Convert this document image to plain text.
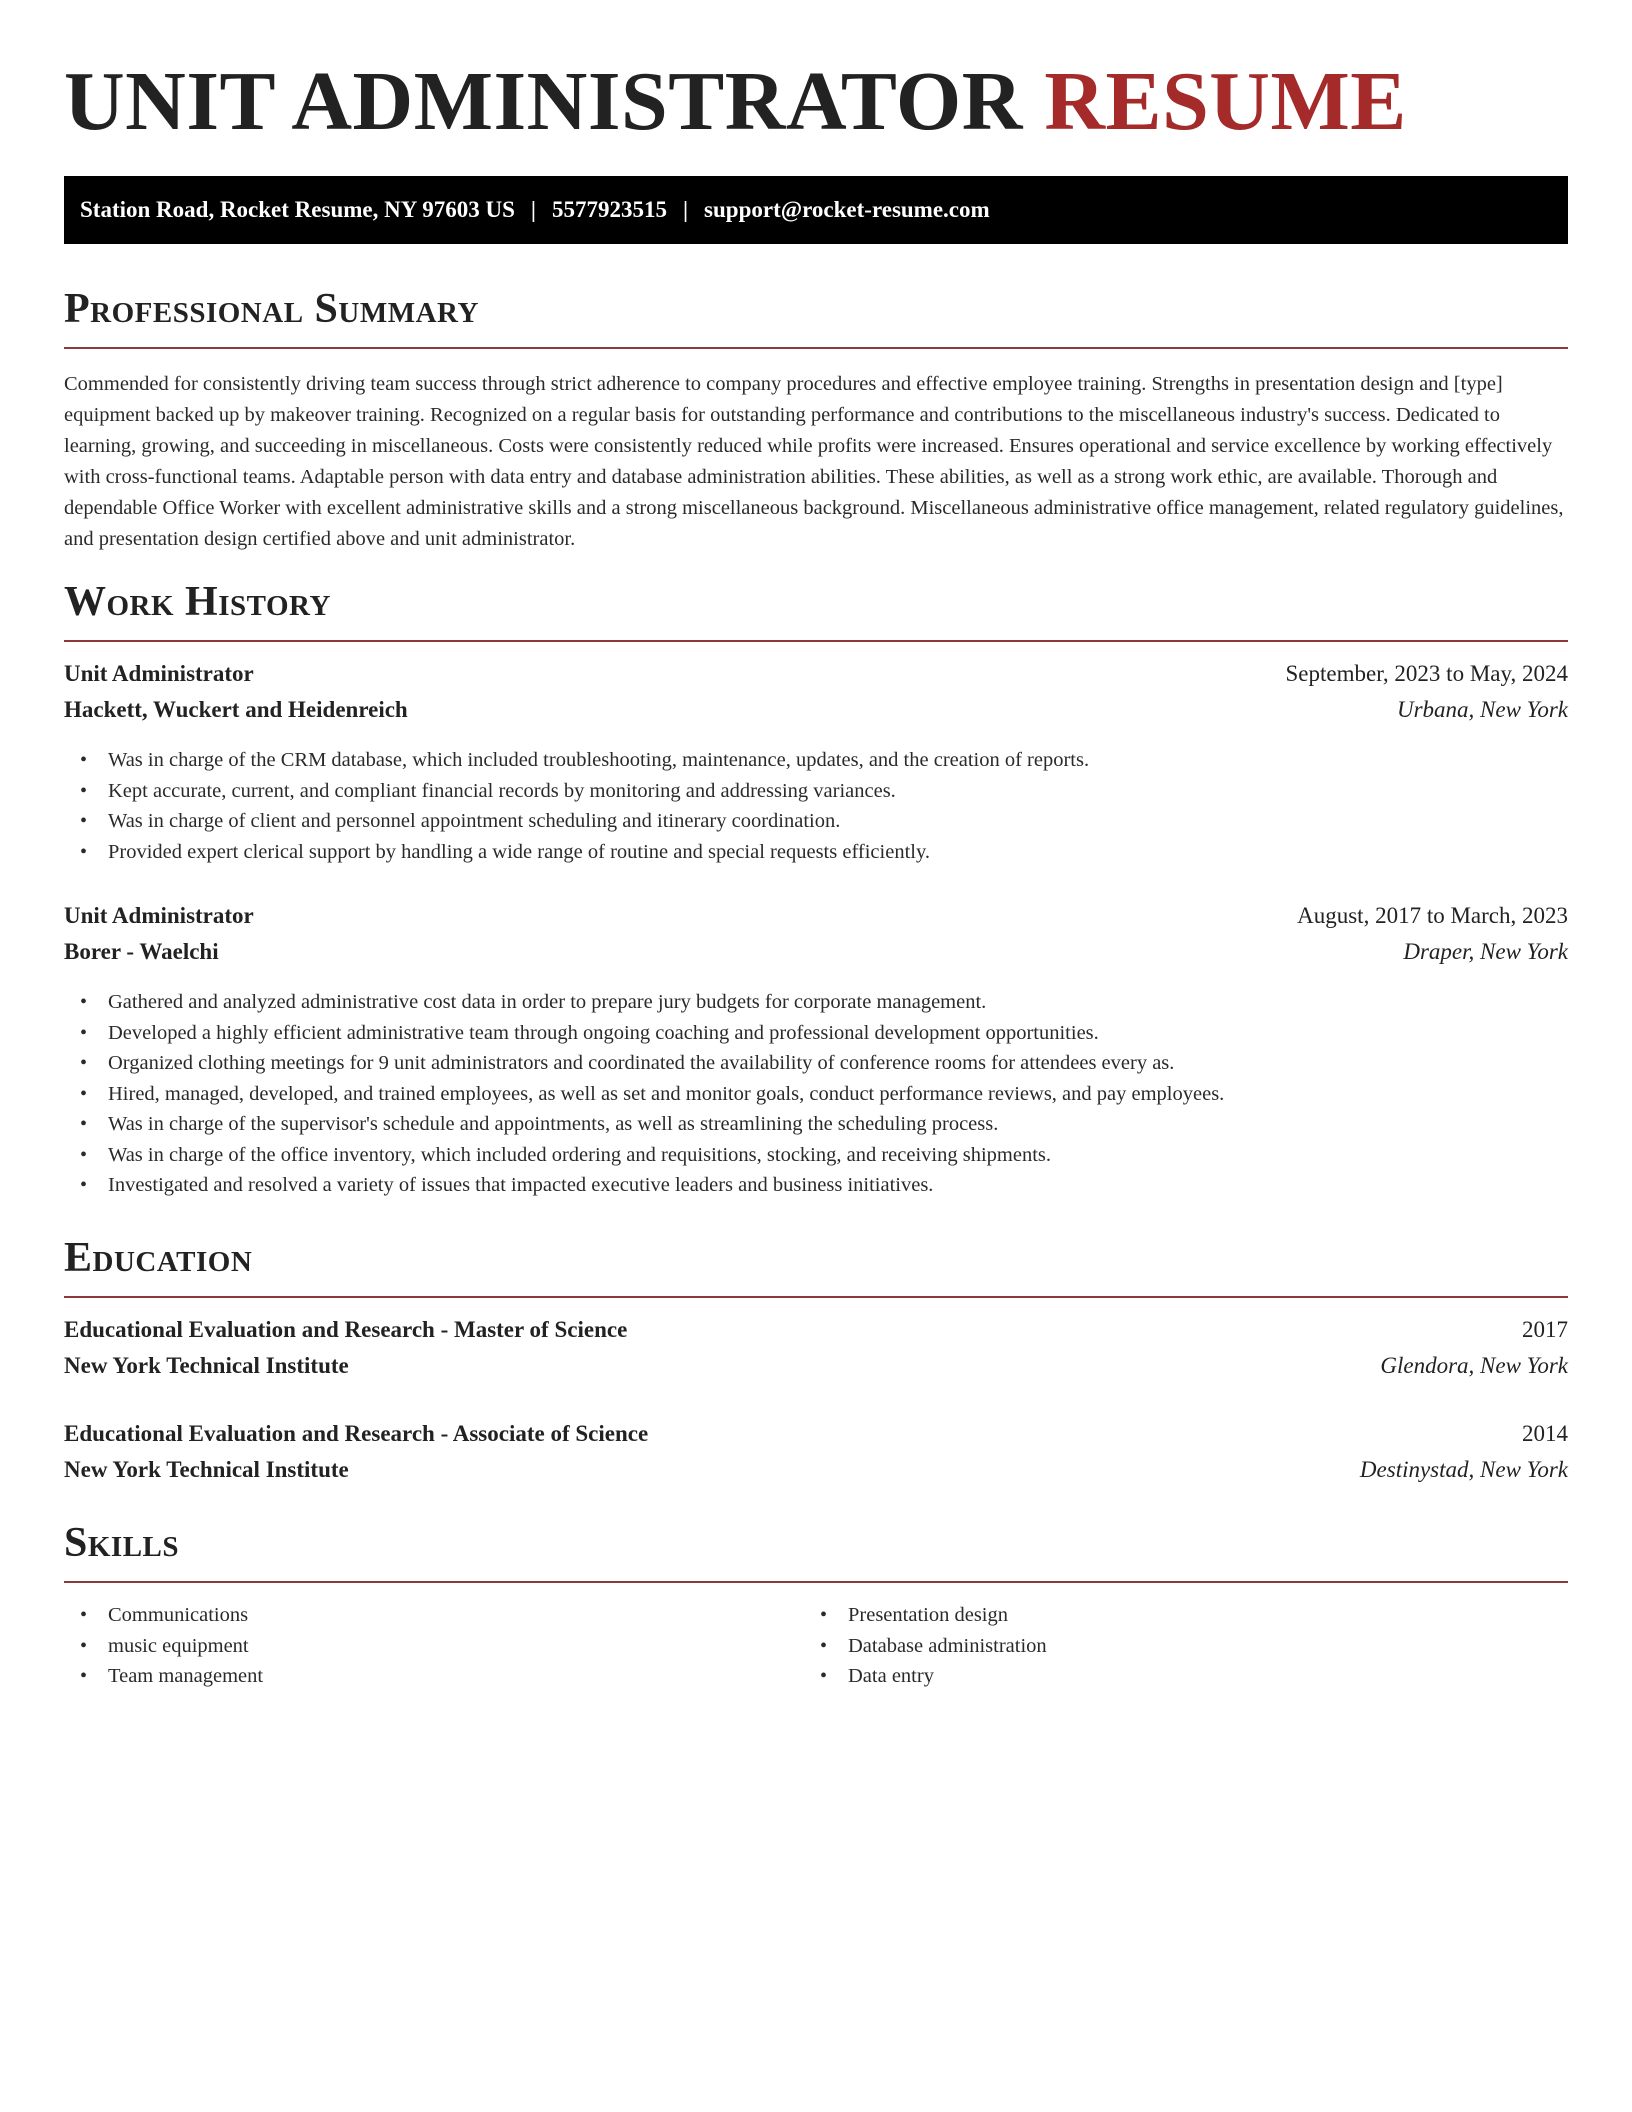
UNIT ADMINISTRATOR RESUME
Station Road, Rocket Resume, NY 97603 US | 5577923515 | support@rocket-resume.com
Professional Summary

Commended for consistently driving team success through strict adherence to company procedures and effective employee training. Strengths in presentation design and [type] equipment backed up by makeover training. Recognized on a regular basis for outstanding performance and contributions to the miscellaneous industry's success. Dedicated to learning, growing, and succeeding in miscellaneous. Costs were consistently reduced while profits were increased. Ensures operational and service excellence by working effectively with cross-functional teams. Adaptable person with data entry and database administration abilities. These abilities, as well as a strong work ethic, are available. Thorough and dependable Office Worker with excellent administrative skills and a strong miscellaneous background. Miscellaneous administrative office management, related regulatory guidelines, and presentation design certified above and unit administrator.

Work History
Unit Administrator	September, 2023 to May, 2024
Hackett, Wuckert and Heidenreich	Urbana, New York
• Was in charge of the CRM database, which included troubleshooting, maintenance, updates, and the creation of reports.
• Kept accurate, current, and compliant financial records by monitoring and addressing variances.
• Was in charge of client and personnel appointment scheduling and itinerary coordination.
• Provided expert clerical support by handling a wide range of routine and special requests efficiently.
Unit Administrator	August, 2017 to March, 2023
Borer - Waelchi	Draper, New York
• Gathered and analyzed administrative cost data in order to prepare jury budgets for corporate management.
• Developed a highly efficient administrative team through ongoing coaching and professional development opportunities.
• Organized clothing meetings for 9 unit administrators and coordinated the availability of conference rooms for attendees every as.
• Hired, managed, developed, and trained employees, as well as set and monitor goals, conduct performance reviews, and pay employees.
• Was in charge of the supervisor's schedule and appointments, as well as streamlining the scheduling process.
• Was in charge of the office inventory, which included ordering and requisitions, stocking, and receiving shipments.
• Investigated and resolved a variety of issues that impacted executive leaders and business initiatives.
Education
Educational Evaluation and Research - Master of Science	2017
New York Technical Institute	Glendora, New York
Educational Evaluation and Research - Associate of Science	2014
New York Technical Institute	Destinystad, New York
Skills
• Communications
• music equipment
• Team management
• Presentation design
• Database administration
• Data entry
